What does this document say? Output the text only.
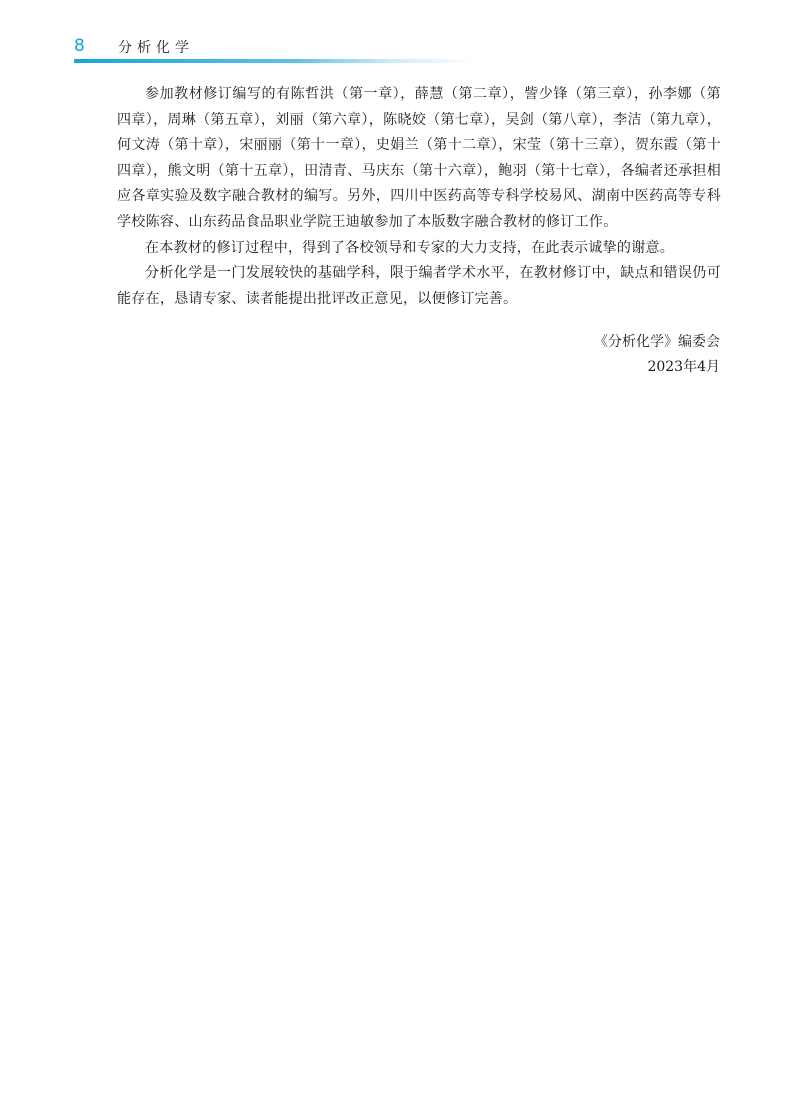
8 分析化学

参加教材修订编写的有陈哲洪（第一章），薛慧（第二章），訾少锋（第三章），孙李娜（第四章），周琳（第五章），刘丽（第六章），陈晓姣（第七章），吴剑（第八章），李洁（第九章），何文涛（第十章），宋丽丽（第十一章），史娟兰（第十二章），宋莹（第十三章），贺东霞（第十四章），熊文明（第十五章），田清青、马庆东（第十六章），鲍羽（第十七章），各编者还承担相应各章实验及数字融合教材的编写。另外，四川中医药高等专科学校易风、湖南中医药高等专科学校陈容、山东药品食品职业学院王迪敏参加了本版数字融合教材的修订工作。

在本教材的修订过程中，得到了各校领导和专家的大力支持，在此表示诚挚的谢意。

分析化学是一门发展较快的基础学科，限于编者学术水平，在教材修订中，缺点和错误仍可能存在，恳请专家、读者能提出批评改正意见，以便修订完善。

《分析化学》编委会
2023年4月
